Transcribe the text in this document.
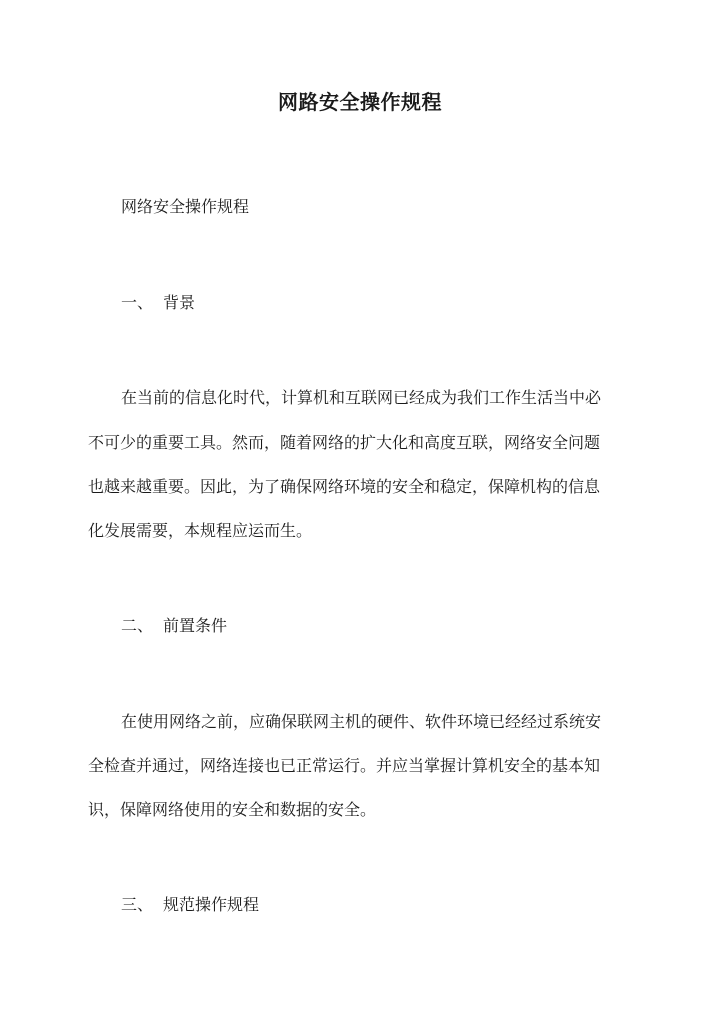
网路安全操作规程
网络安全操作规程
一、 背景
在当前的信息化时代，计算机和互联网已经成为我们工作生活当中必
不可少的重要工具。然而，随着网络的扩大化和高度互联，网络安全问题
也越来越重要。因此，为了确保网络环境的安全和稳定，保障机构的信息
化发展需要，本规程应运而生。
二、 前置条件
在使用网络之前，应确保联网主机的硬件、软件环境已经经过系统安
全检查并通过，网络连接也已正常运行。并应当掌握计算机安全的基本知
识，保障网络使用的安全和数据的安全。
三、 规范操作规程
